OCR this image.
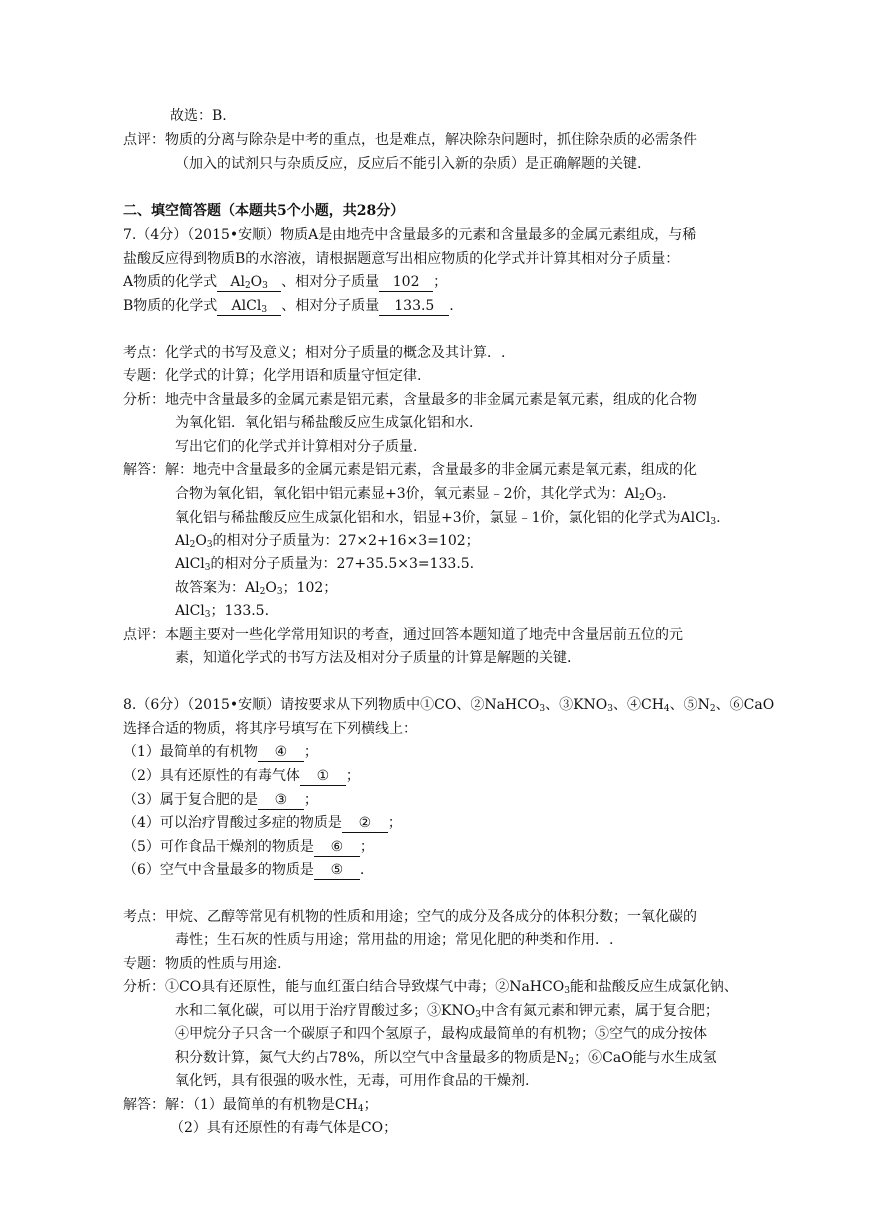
故选：B.
点评：物质的分离与除杂是中考的重点，也是难点，解决除杂问题时，抓住除杂质的必需条件
（加入的试剂只与杂质反应，反应后不能引入新的杂质）是正确解题的关键.
二、填空简答题（本题共5个小题，共28分）
7.（4分）（2015•安顺）物质A是由地壳中含量最多的元素和含量最多的金属元素组成，与稀
盐酸反应得到物质B的水溶液，请根据题意写出相应物质的化学式并计算其相对分子质量：
A物质的化学式 $Al_2O_3$ 、相对分子质量 102 ；
B物质的化学式 AlCl$_3$ 、相对分子质量 133.5 .
考点：化学式的书写及意义；相对分子质量的概念及其计算．.
专题：化学式的计算；化学用语和质量守恒定律.
分析：地壳中含量最多的金属元素是铝元素，含量最多的非金属元素是氧元素，组成的化合物
为氧化铝．氧化铝与稀盐酸反应生成氯化铝和水.
写出它们的化学式并计算相对分子质量.
解答：解：地壳中含量最多的金属元素是铝元素，含量最多的非金属元素是氧元素，组成的化
合物为氧化铝，氧化铝中铝元素显+3价，氧元素显﹣2价，其化学式为：$Al_2O_3$.
氧化铝与稀盐酸反应生成氯化铝和水，铝显+3价，氯显﹣1价，氯化铝的化学式为AlCl$_3$.
$Al_2O_3$的相对分子质量为：27×2+16×3=102；
AlCl$_3$的相对分子质量为：27+35.5×3=133.5.
故答案为：$Al_2O_3$；102；
AlCl$_3$；133.5.
点评：本题主要对一些化学常用知识的考查，通过回答本题知道了地壳中含量居前五位的元
素，知道化学式的书写方法及相对分子质量的计算是解题的关键.
8.（6分）（2015•安顺）请按要求从下列物质中①CO、②NaHCO$_3$、$③KNO_3$、$④CH_4$、$⑤N_2$、⑥CaO
选择合适的物质，将其序号填写在下列横线上：
（1）最简单的有机物 ④ ；
（2）具有还原性的有毒气体 ① ；
（3）属于复合肥的是 ③ ；
（4）可以治疗胃酸过多症的物质是 ② ；
（5）可作食品干燥剂的物质是 ⑥ ；
（6）空气中含量最多的物质是 ⑤ .
考点：甲烷、乙醇等常见有机物的性质和用途；空气的成分及各成分的体积分数；一氧化碳的
毒性；生石灰的性质与用途；常用盐的用途；常见化肥的种类和作用．.
专题：物质的性质与用途.
分析：①CO具有还原性，能与血红蛋白结合导致煤气中毒；②NaHCO$_3$能和盐酸反应生成氯化钠、
水和二氧化碳，可以用于治疗胃酸过多；$③KNO_3$中含有氮元素和钾元素，属于复合肥；
④甲烷分子只含一个碳原子和四个氢原子，最构成最简单的有机物；⑤空气的成分按体
积分数计算，氮气大约占78%，所以空气中含量最多的物质是$N_2$；⑥CaO能与水生成氢
氧化钙，具有很强的吸水性，无毒，可用作食品的干燥剂.
解答：解：（1）最简单的有机物是$CH_4$；
（2）具有还原性的有毒气体是CO；
